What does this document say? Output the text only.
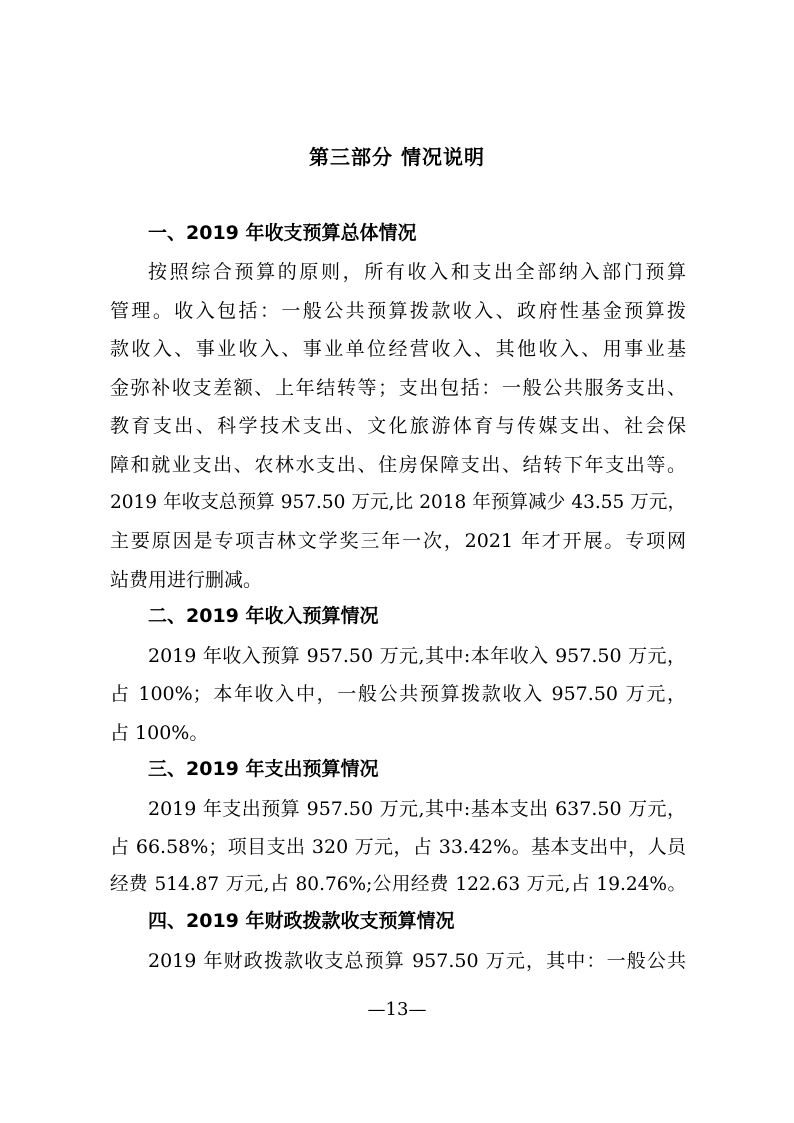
第三部分 情况说明
一、2019 年收支预算总体情况
按照综合预算的原则，所有收入和支出全部纳入部门预算
管理。收入包括：一般公共预算拨款收入、政府性基金预算拨
款收入、事业收入、事业单位经营收入、其他收入、用事业基
金弥补收支差额、上年结转等；支出包括：一般公共服务支出、
教育支出、科学技术支出、文化旅游体育与传媒支出、社会保
障和就业支出、农林水支出、住房保障支出、结转下年支出等。
2019 年收支总预算 957.50 万元,比 2018 年预算减少 43.55 万元，
主要原因是专项吉林文学奖三年一次，2021 年才开展。专项网
站费用进行删减。
二、2019 年收入预算情况
2019 年收入预算 957.50 万元,其中:本年收入 957.50 万元，
占 100%；本年收入中，一般公共预算拨款收入 957.50 万元，
占 100%。
三、2019 年支出预算情况
2019 年支出预算 957.50 万元,其中:基本支出 637.50 万元，
占 66.58%；项目支出 320 万元，占 33.42%。基本支出中，人员
经费 514.87 万元,占 80.76%;公用经费 122.63 万元,占 19.24%。
四、2019 年财政拨款收支预算情况
2019 年财政拨款收支总预算 957.50 万元，其中：一般公共
—13—
